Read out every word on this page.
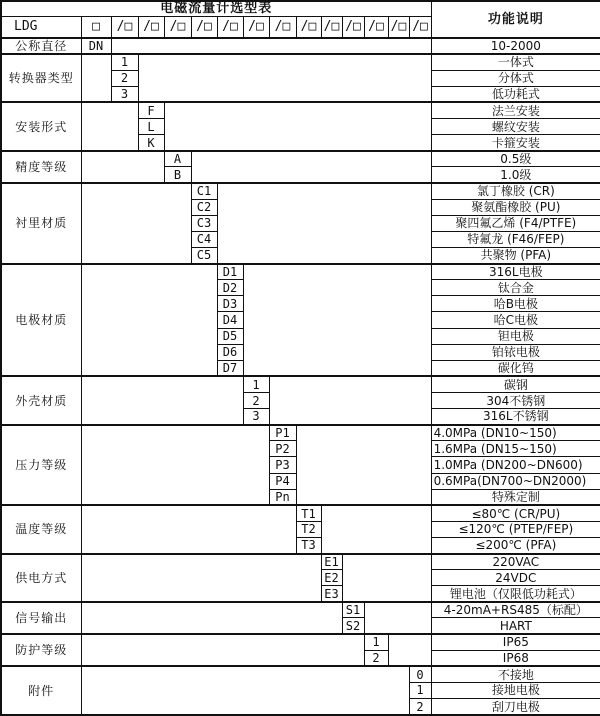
电磁流量计选型表															功能说明
LDG	□	/□	/□	/□	/□	/□	/□	/□	/□	/□	/□	/□	/□	/□	
公称直径	DN														10-2000
转换器类型		1													一体式
		2													分体式
		3													低功耗式
安装形式			F												法兰安装
			L												螺纹安装
			K												卡箍安装
精度等级				A											0.5级
				B											1.0级
衬里材质					C1										氯丁橡胶 (CR)
					C2										聚氨酯橡胶 (PU)
					C3										聚四氟乙烯 (F4/PTFE)
					C4										特氟龙 (F46/FEP)
					C5										共聚物 (PFA)
电极材质						D1									316L电极
						D2									钛合金
						D3									哈B电极
						D4									哈C电极
						D5									钽电极
						D6									铂铱电极
						D7									碳化钨
外壳材质							1								碳钢
							2								304不锈钢
							3								316L不锈钢
压力等级								P1							4.0MPa (DN10~150)
								P2							1.6MPa (DN15~150)
								P3							1.0MPa (DN200~DN600)
								P4							0.6MPa(DN700~DN2000)
								Pn							特殊定制
温度等级									T1						≤80℃ (CR/PU)
									T2						≤120℃ (PTEP/FEP)
									T3						≤200℃ (PFA)
供电方式										E1					220VAC
										E2					24VDC
										E3					锂电池（仅限低功耗式）
信号输出											S1				4-20mA+RS485（标配）
											S2				HART
防护等级												1			IP65
												2			IP68
附件														0	不接地
														1	接地电极
														2	刮刀电极
